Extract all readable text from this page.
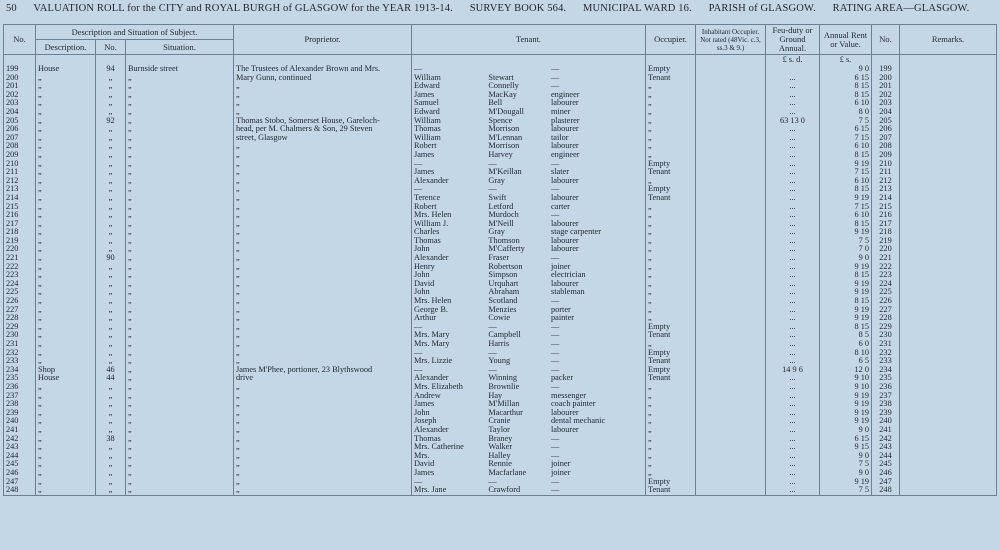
50 VALUATION ROLL for the CITY and ROYAL BURGH of GLASGOW for the YEAR 1913-14. SURVEY BOOK 564. MUNICIPAL WARD 16. PARISH of GLASGOW. RATING AREA—GLASGOW.
No.	Description and Situation of Subject.			Proprietor.	Tenant.	Occupier.	Inhabitant Occupier. Not rated (48Vic. c.3, ss.3 & 9.)	Feu-duty or Ground Annual.	Annual Rent or Value.	No.	Remarks.
	Description.	No.	Situation.								
								£ s. d.	£ s.		
199	House	94	Burnside street	The Trustees of Alexander Brown and Mrs.	— —	Empty			9 0	199	
200	„	„	„	Mary Gunn, continued	William Stewart —	Tenant		...	6 15	200	
201	„	„	„	„	Edward Connelly —	„		...	8 15	201	
202	„	„	„	„	James MacKay engineer	„		...	8 15	202	
203	„	„	„	„	Samuel Bell labourer	„		...	6 10	203	
204	„	„	„	„	Edward M'Dougall miner	„		...	8 0	204	
205	„	92	„	Thomas Stobo, Somerset House, Gareloch-	William Spence plasterer	„		63 13 0	7 5	205	
206	„	„	„	head, per M. Chalmers & Son, 29 Steven	Thomas Morrison labourer	„		...	6 15	206	
207	„	„	„	street, Glasgow	William M'Lennan tailor	„		...	7 15	207	
208	„	„	„	„	Robert Morrison labourer	„		...	6 10	208	
209	„	„	„	„	James Harvey engineer	„		...	8 15	209	
210	„	„	„	„	— — —	Empty		...	9 19	210	
211	„	„	„	„	James M'Keillan slater	Tenant		...	7 15	211	
212	„	„	„	„	Alexander Gray labourer	„		...	6 10	212	
213	„	„	„	„	— — —	Empty		...	8 15	213	
214	„	„	„	„	Terence Swift labourer	Tenant		...	9 19	214	
215	„	„	„	„	Robert Letford carter	„		...	7 15	215	
216	„	„	„	„	Mrs. Helen Murdoch —	„		...	6 10	216	
217	„	„	„	„	William J. M'Neill labourer	„		...	8 15	217	
218	„	„	„	„	Charles Gray stage carpenter	„		...	9 19	218	
219	„	„	„	„	Thomas Thomson labourer	„		...	7 5	219	
220	„	„	„	„	John M'Cafferty labourer	„		...	7 0	220	
221	„	90	„	„	Alexander Fraser —	„		...	9 0	221	
222	„	„	„	„	Henry Robertson joiner	„		...	9 19	222	
223	„	„	„	„	John Simpson electrician	„		...	8 15	223	
224	„	„	„	„	David Urquhart labourer	„		...	9 19	224	
225	„	„	„	„	John Abraham stableman	„		...	9 19	225	
226	„	„	„	„	Mrs. Helen Scotland —	„		...	8 15	226	
227	„	„	„	„	George B. Menzies porter	„		...	9 19	227	
228	„	„	„	„	Arthur Cowie painter	„		...	9 19	228	
229	„	„	„	„	— — —	Empty		...	8 15	229	
230	„	„	„	„	Mrs. Mary Campbell —	Tenant		...	8 5	230	
231	„	„	„	„	Mrs. Mary Harris —	„		...	6 0	231	
232	„	„	„	„	— — —	Empty		...	8 10	232	
233	„	„	„	„	Mrs. Lizzie Young —	Tenant		...	6 5	233	
234	Shop	46	„	James M'Phee, portioner, 23 Blythswood	— — —	Empty		14 9 6	12 0	234	
235	House	44	„	drive	Alexander Winning packer	Tenant		...	9 10	235	
236	„	„	„	„	Mrs. Elizabeth Brownlie —	„		...	9 10	236	
237	„	„	„	„	Andrew Hay messenger	„		...	9 19	237	
238	„	„	„	„	James M'Millan coach painter	„		...	9 19	238	
239	„	„	„	„	John Macarthur labourer	„		...	9 19	239	
240	„	„	„	„	Joseph Cranie dental mechanic	„		...	9 19	240	
241	„	„	„	„	Alexander Taylor labourer	„		...	9 0	241	
242	„	38	„	„	Thomas Braney —	„		...	6 15	242	
243	„	„	„	„	Mrs. Catherine Walker —	„		...	9 15	243	
244	„	„	„	„	Mrs. Halley —	„		...	9 0	244	
245	„	„	„	„	David Rennie joiner	„		...	7 5	245	
246	„	„	„	„	James Macfarlane joiner	„		...	9 0	246	
247	„	„	„	„	— — —	Empty		...	9 19	247	
248	„	„	„	„	Mrs. Jane Crawford —	Tenant		...	7 5	248	
